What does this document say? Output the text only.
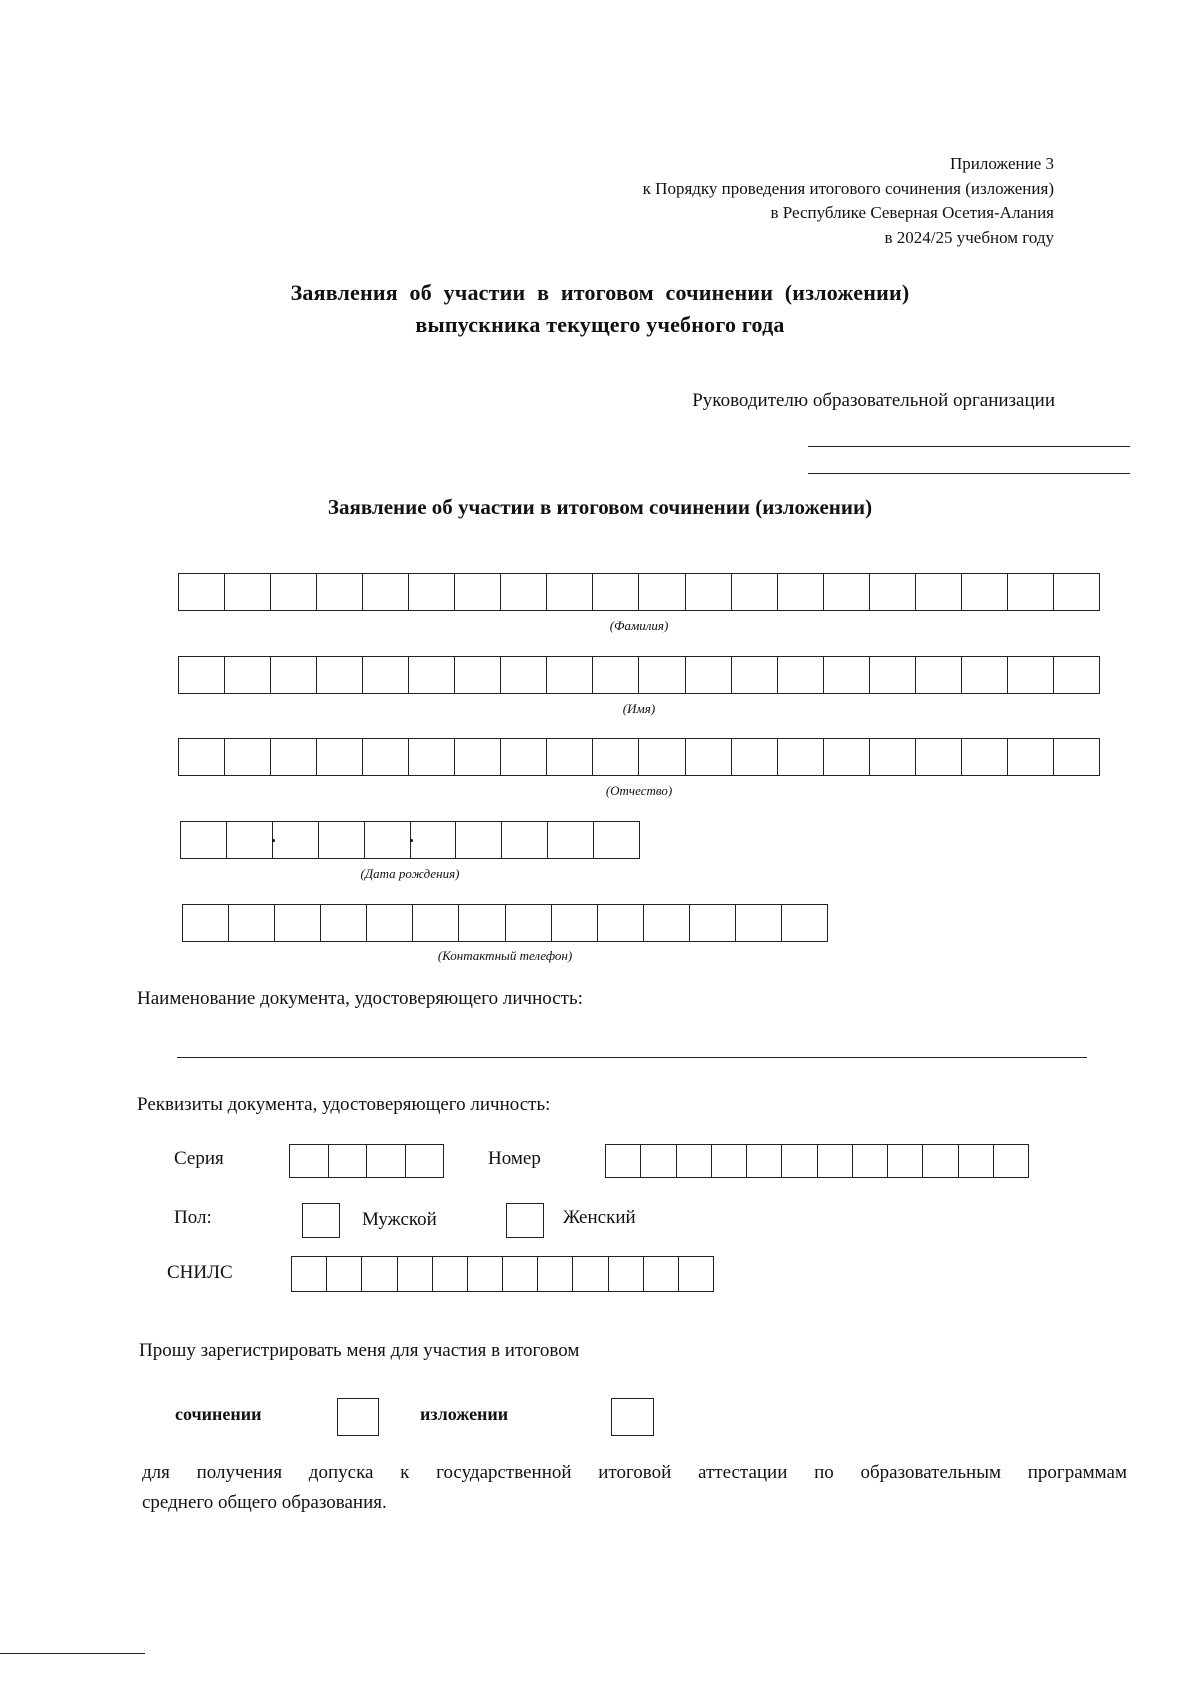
Приложение 3
к Порядку проведения итогового сочинения (изложения)
в Республике Северная Осетия-Алания
в 2024/25 учебном году
Заявления об участии в итоговом сочинении (изложении)
выпускника текущего учебного года
Руководителю образовательной организации
Заявление об участии в итоговом сочинении (изложении)
(Фамилия)
(Имя)
(Отчество)
(Дата рождения)
(Контактный телефон)
Наименование документа, удостоверяющего личность:
Реквизиты документа, удостоверяющего личность:
Серия	Номер
Пол:	Мужской	Женский
СНИЛС
Прошу зарегистрировать меня для участия в итоговом
сочинении	изложении
для получения допуска к государственной итоговой аттестации по образовательным программам
среднего общего образования.
